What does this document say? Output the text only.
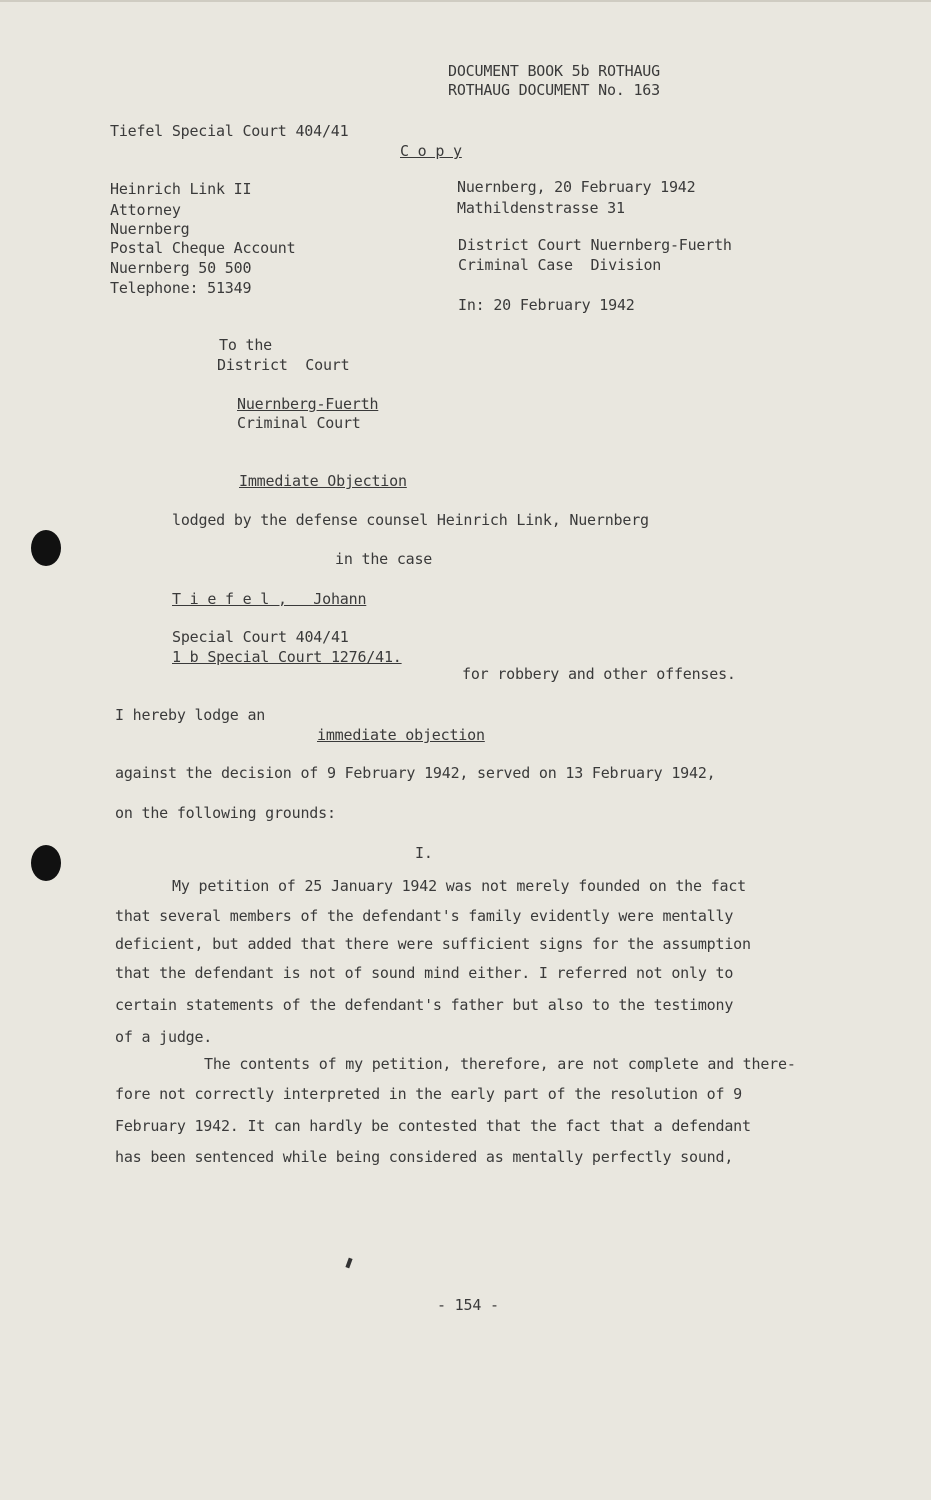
DOCUMENT BOOK 5b ROTHAUG
ROTHAUG DOCUMENT No. 163
Tiefel Special Court 404/41
C o p y
Heinrich Link II
Attorney
Nuernberg
Postal Cheque Account
Nuernberg 50 500
Telephone: 51349
Nuernberg, 20 February 1942
Mathildenstrasse 31
District Court Nuernberg-Fuerth
Criminal Case  Division
In: 20 February 1942
To the
District  Court
Nuernberg-Fuerth
Criminal Court
Immediate Objection
lodged by the defense counsel Heinrich Link, Nuernberg
in the case
T i e f e l ,   Johann
Special Court 404/41
1 b Special Court 1276/41.
for robbery and other offenses.
I hereby lodge an
immediate objection
against the decision of 9 February 1942, served on 13 February 1942,
on the following grounds:
I.
My petition of 25 January 1942 was not merely founded on the fact
that several members of the defendant's family evidently were mentally
deficient, but added that there were sufficient signs for the assumption
that the defendant is not of sound mind either. I referred not only to
certain statements of the defendant's father but also to the testimony
of a judge.
The contents of my petition, therefore, are not complete and there-
fore not correctly interpreted in the early part of the resolution of 9
February 1942. It can hardly be contested that the fact that a defendant
has been sentenced while being considered as mentally perfectly sound,
- 154 -
